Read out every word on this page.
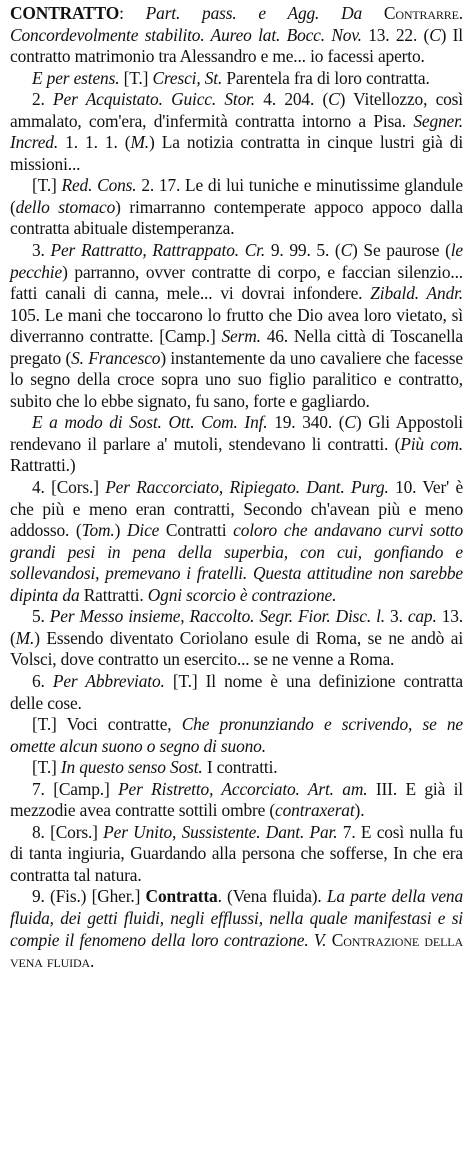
CONTRATTO: Part. pass. e Agg. Da Contrarre. Concordevolmente stabilito. Aureo lat. Bocc. Nov. 13. 22. (C) Il contratto matrimonio tra Alessandro e me... io facessi aperto.

E per estens. [T.] Cresci, St. Parentela fra di loro contratta.

2. Per Acquistato. Guicc. Stor. 4. 204. (C) Vitellozzo, così ammalato, com'era, d'infermità contratta intorno a Pisa. Segner. Incred. 1. 1. 1. (M.) La notizia contratta in cinque lustri già di missioni...

[T.] Red. Cons. 2. 17. Le di lui tuniche e minutissime glandule (dello stomaco) rimarranno contemperate appoco appoco dalla contratta abituale distemperanza.

3. Per Rattratto, Rattrappato. Cr. 9. 99. 5. (C) Se paurose (le pecchie) parranno, ovver contratte di corpo, e faccian silenzio... fatti canali di canna, mele... vi dovrai infondere. Zibald. Andr. 105. Le mani che toccarono lo frutto che Dio avea loro vietato, sì diverranno contratte. [Camp.] Serm. 46. Nella città di Toscanella pregato (S. Francesco) instantemente da uno cavaliere che facesse lo segno della croce sopra uno suo figlio paralitico e contratto, subito che lo ebbe signato, fu sano, forte e gagliardo.

E a modo di Sost. Ott. Com. Inf. 19. 340. (C) Gli Appostoli rendevano il parlare a' mutoli, stendevano li contratti. (Più com. Rattratti.)

4. [Cors.] Per Raccorciato, Ripiegato. Dant. Purg. 10. Ver' è che più e meno eran contratti, Secondo ch'avean più e meno addosso. (Tom.) Dice Contratti coloro che andavano curvi sotto grandi pesi in pena della superbia, con cui, gonfiando e sollevandosi, premevano i fratelli. Questa attitudine non sarebbe dipinta da Rattratti. Ogni scorcio è contrazione.

5. Per Messo insieme, Raccolto. Segr. Fior. Disc. l. 3. cap. 13. (M.) Essendo diventato Coriolano esule di Roma, se ne andò ai Volsci, dove contratto un esercito... se ne venne a Roma.

6. Per Abbreviato. [T.] Il nome è una definizione contratta delle cose.

[T.] Voci contratte, Che pronunziando e scrivendo, se ne omette alcun suono o segno di suono.

[T.] In questo senso Sost. I contratti.

7. [Camp.] Per Ristretto, Accorciato. Art. am. III. E già il mezzodie avea contratte sottili ombre (contraxerat).

8. [Cors.] Per Unito, Sussistente. Dant. Par. 7. E così nulla fu di tanta ingiuria, Guardando alla persona che sofferse, In che era contratta tal natura.

9. (Fis.) [Gher.] Contratta. (Vena fluida). La parte della vena fluida, dei getti fluidi, negli efflussi, nella quale manifestasi e si compie il fenomeno della loro contrazione. V. Contrazione della vena fluida.
